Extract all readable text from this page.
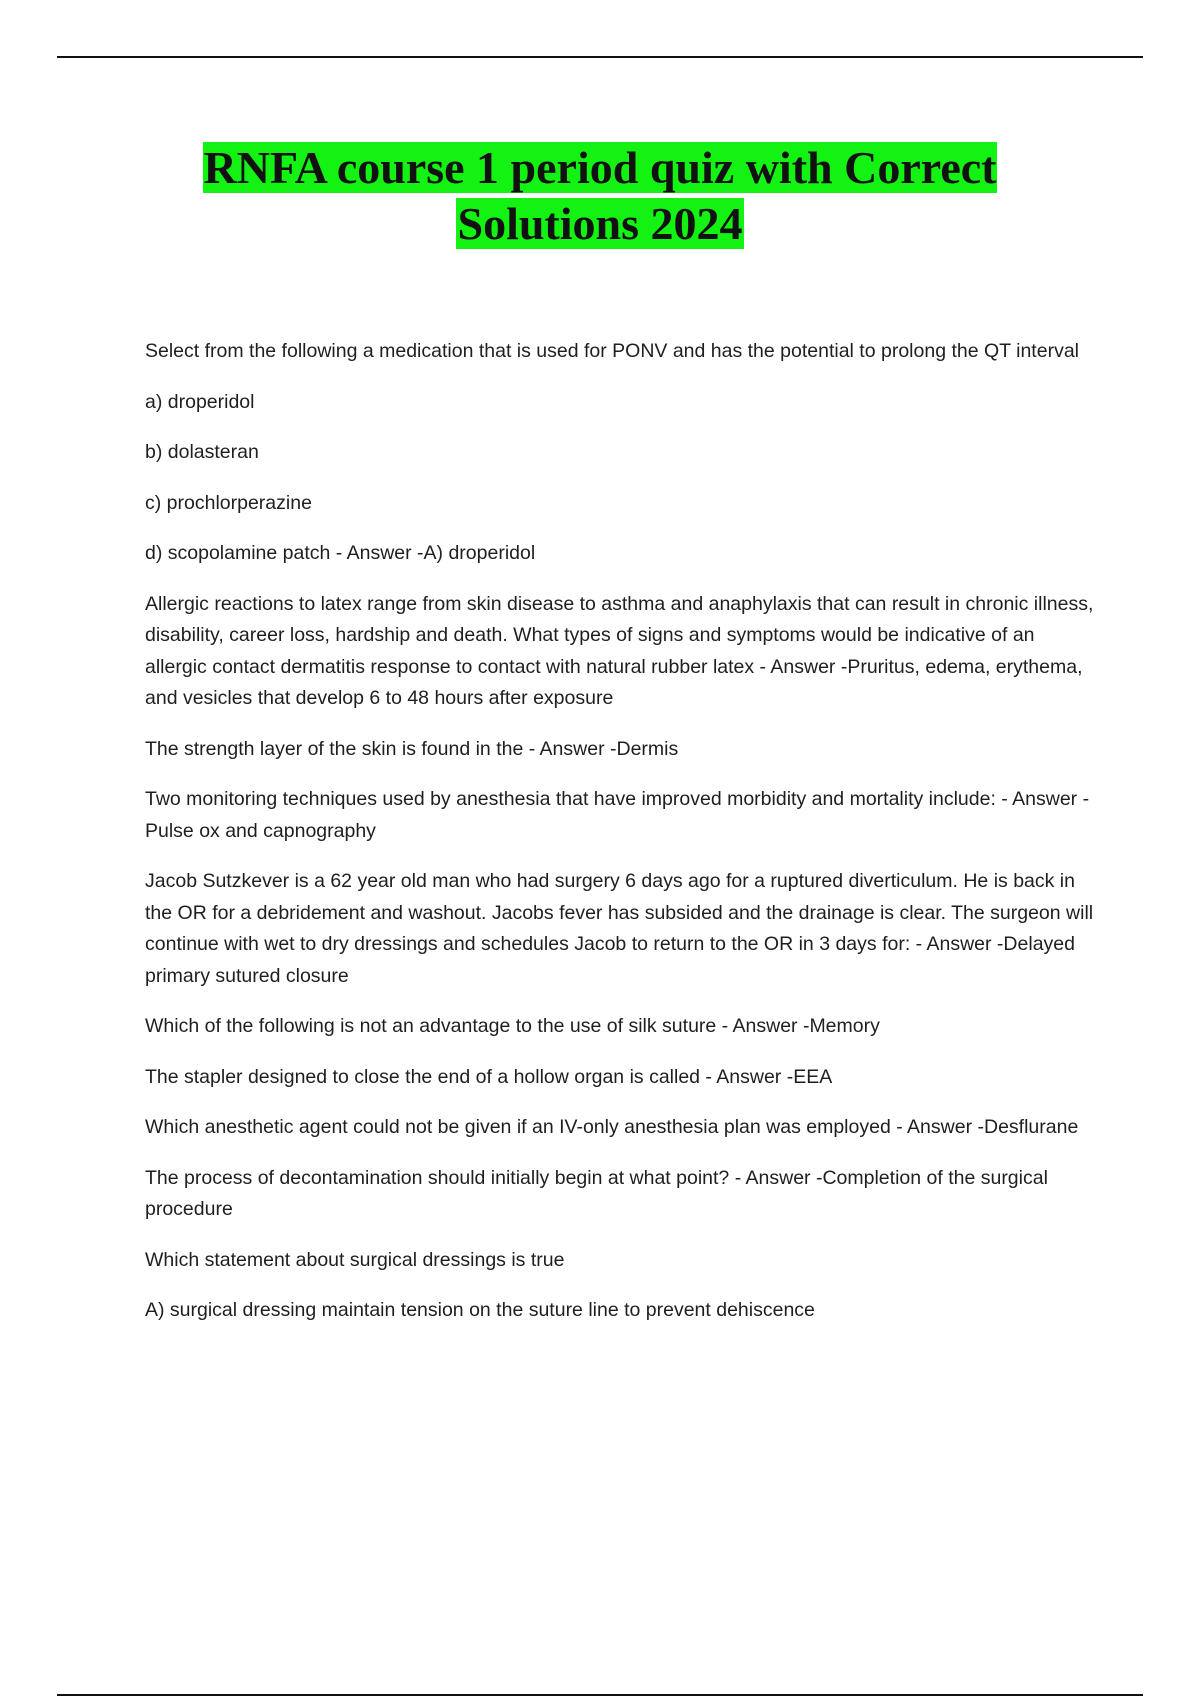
RNFA course 1 period quiz with Correct
Solutions 2024

Select from the following a medication that is used for PONV and has the potential to prolong the QT interval

a) droperidol

b) dolasteran

c) prochlorperazine

d) scopolamine patch - Answer -A) droperidol

Allergic reactions to latex range from skin disease to asthma and anaphylaxis that can result in chronic illness, disability, career loss, hardship and death. What types of signs and symptoms would be indicative of an allergic contact dermatitis response to contact with natural rubber latex - Answer -Pruritus, edema, erythema, and vesicles that develop 6 to 48 hours after exposure

The strength layer of the skin is found in the - Answer -Dermis

Two monitoring techniques used by anesthesia that have improved morbidity and mortality include: - Answer -Pulse ox and capnography

Jacob Sutzkever is a 62 year old man who had surgery 6 days ago for a ruptured diverticulum. He is back in the OR for a debridement and washout. Jacobs fever has subsided and the drainage is clear. The surgeon will continue with wet to dry dressings and schedules Jacob to return to the OR in 3 days for: - Answer -Delayed primary sutured closure

Which of the following is not an advantage to the use of silk suture - Answer -Memory

The stapler designed to close the end of a hollow organ is called - Answer -EEA

Which anesthetic agent could not be given if an IV-only anesthesia plan was employed - Answer -Desflurane

The process of decontamination should initially begin at what point? - Answer -Completion of the surgical procedure

Which statement about surgical dressings is true

A) surgical dressing maintain tension on the suture line to prevent dehiscence
